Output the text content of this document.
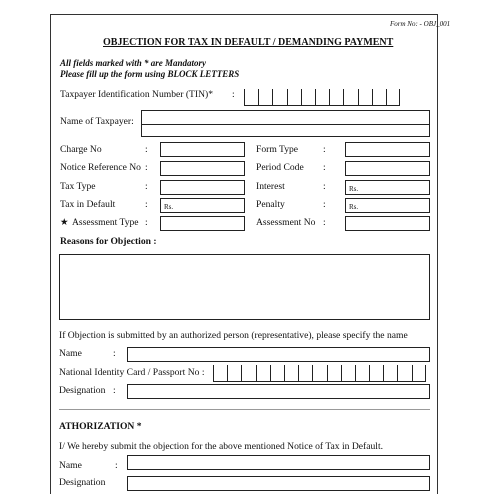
Form No: - OBJ_001
OBJECTION FOR TAX IN DEFAULT / DEMANDING PAYMENT
All fields marked with * are Mandatory
Please fill up the form using BLOCK LETTERS
Taxpayer Identification Number (TIN)* :
Name of Taxpayer:
Charge No	:	Form Type	:
Notice Reference No :	Period Code :
Tax Type	:	Interest	:	Rs.
Tax in Default	: Rs.	Penalty	:	Rs.
★ Assessment Type :	Assessment No :
Reasons for Objection :
If Objection is submitted by an authorized person (representative), please specify the name
Name	:
National Identity Card / Passport No :
Designation :
ATHORIZATION *
I/ We hereby submit the objection for the above mentioned Notice of Tax in Default.
Name	:
Designation
